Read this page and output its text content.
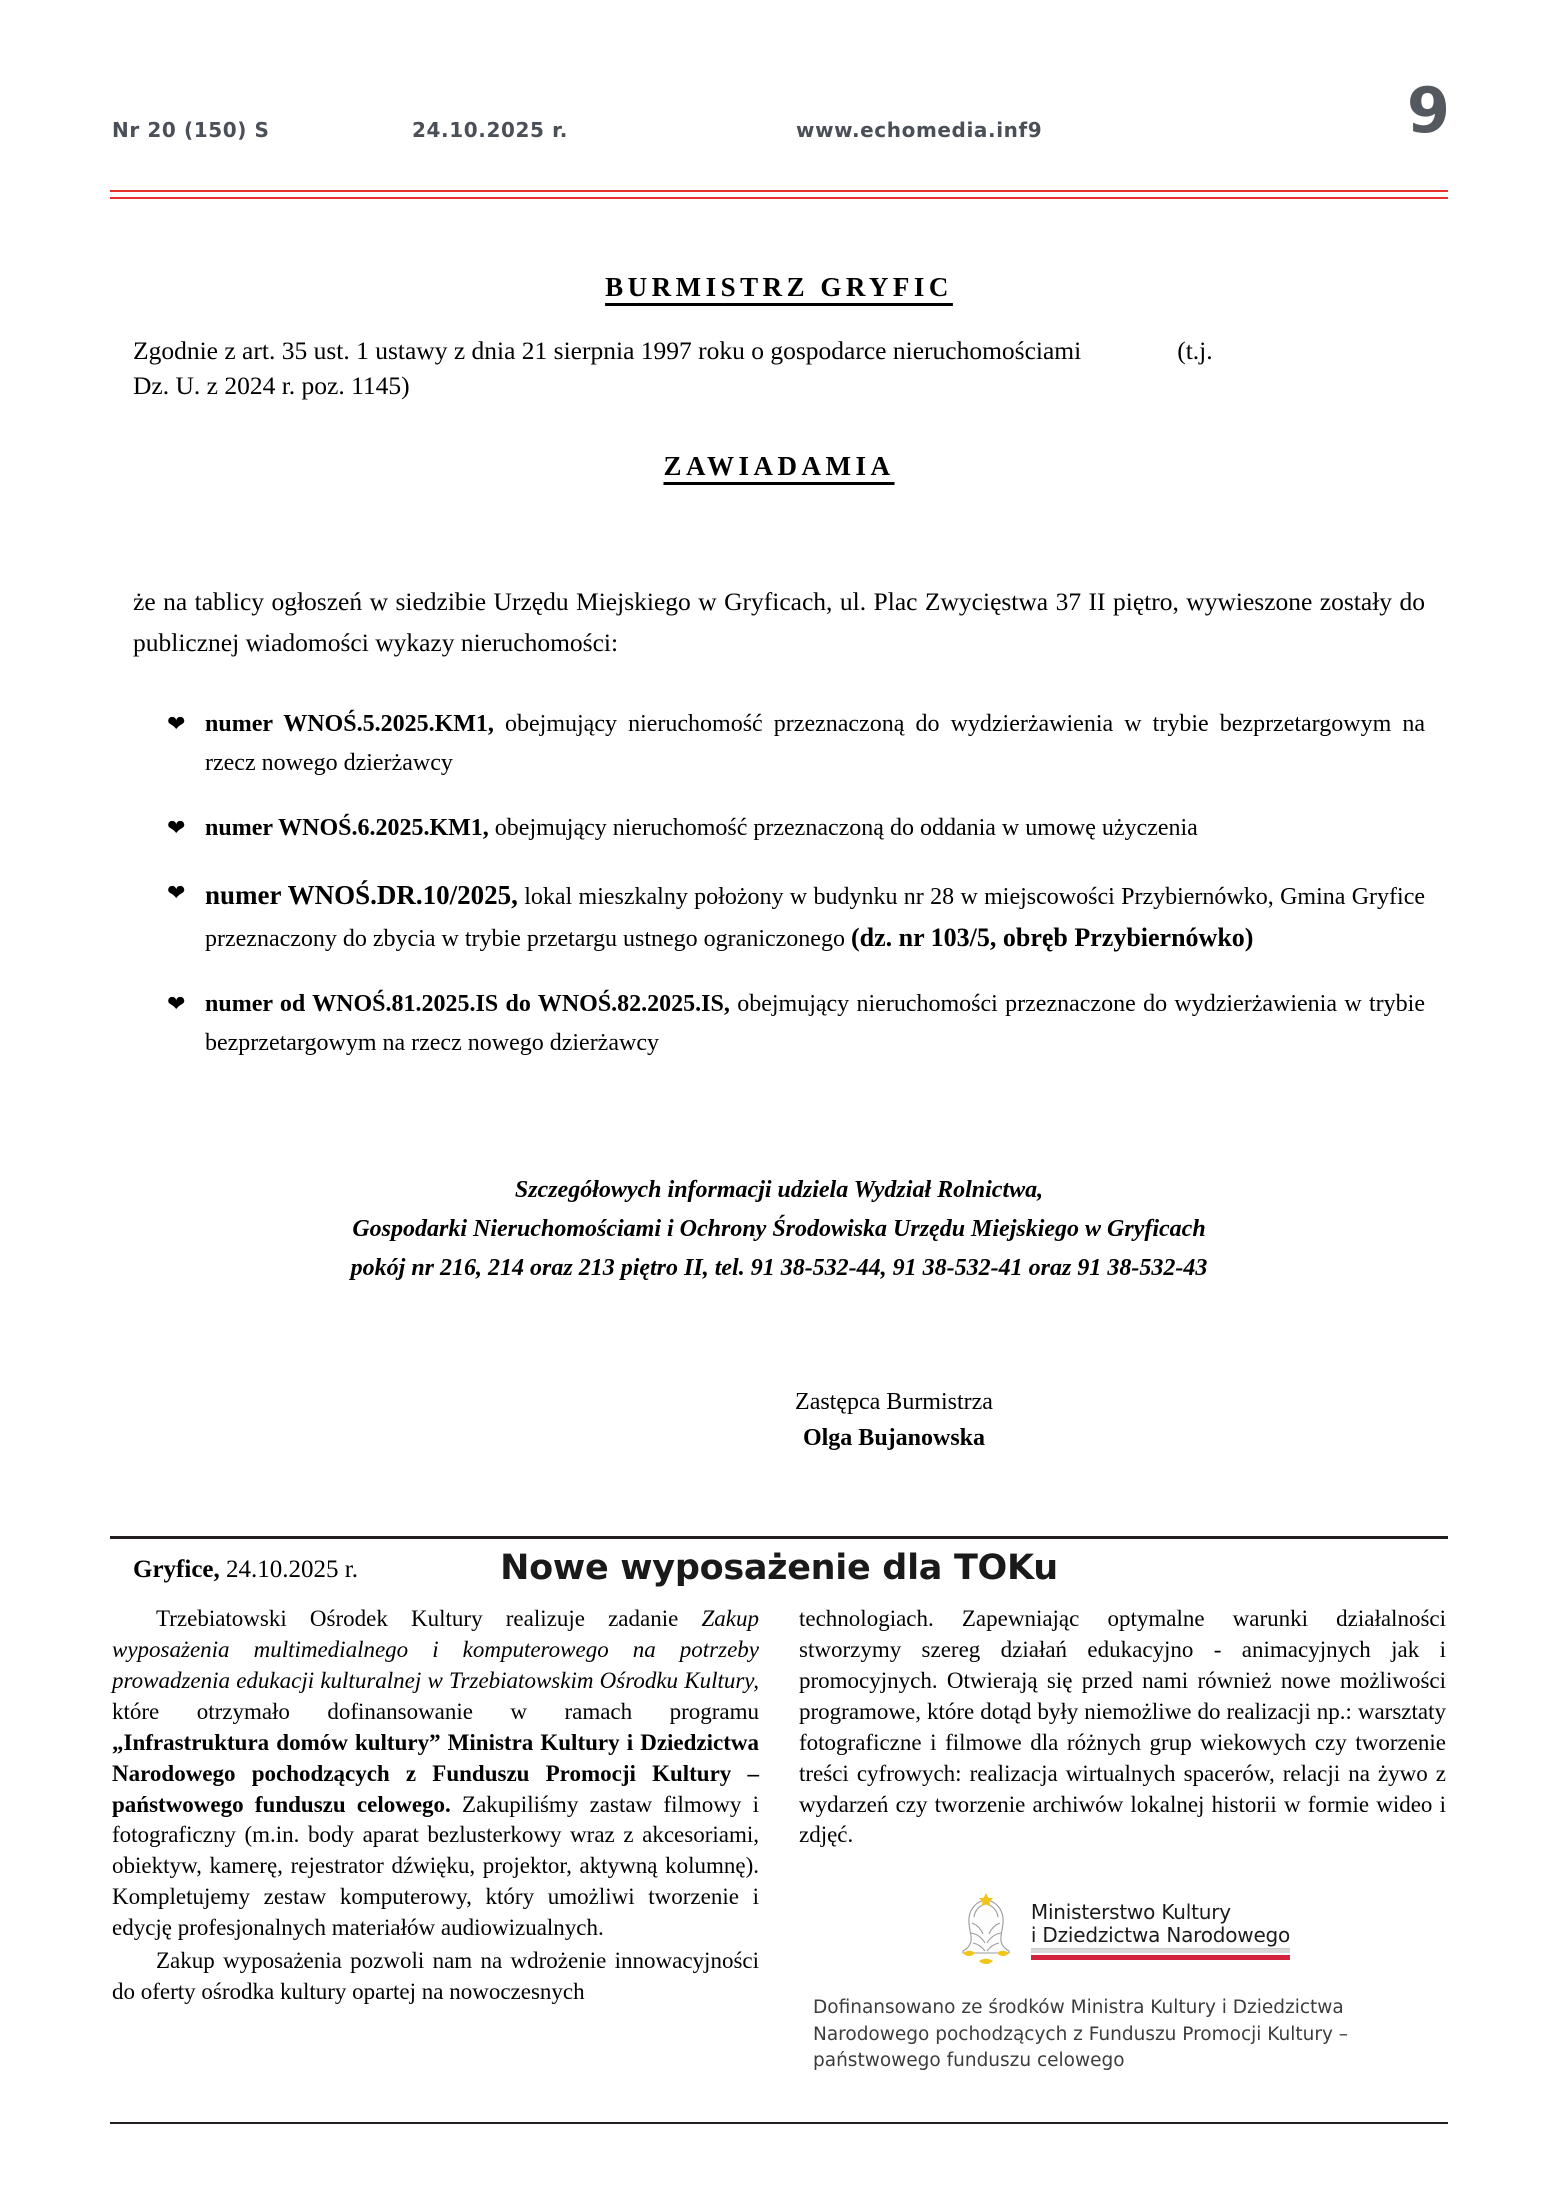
Nr 20 (150) S	24.10.2025 r.	www.echomedia.inf9	9
BURMISTRZ GRYFIC

Zgodnie z art. 35 ust. 1 ustawy z dnia 21 sierpnia 1997 roku o gospodarce nieruchomościami	(t.j.
Dz. U. z 2024 r. poz. 1145)

ZAWIADAMIA

że na tablicy ogłoszeń w siedzibie Urzędu Miejskiego w Gryficach, ul. Plac Zwycięstwa 37 II piętro, wywieszone zostały do publicznej wiadomości wykazy nieruchomości:

❤ numer WNOŚ.5.2025.KM1, obejmujący nieruchomość przeznaczoną do wydzierżawienia w trybie bezprzetargowym na rzecz nowego dzierżawcy
❤ numer WNOŚ.6.2025.KM1, obejmujący nieruchomość przeznaczoną do oddania w umowę użyczenia
❤ numer WNOŚ.DR.10/2025, lokal mieszkalny położony w budynku nr 28 w miejscowości Przybiernówko, Gmina Gryfice przeznaczony do zbycia w trybie przetargu ustnego ograniczonego (dz. nr 103/5, obręb Przybiernówko)
❤ numer od WNOŚ.81.2025.IS do WNOŚ.82.2025.IS, obejmujący nieruchomości przeznaczone do wydzierżawienia w trybie bezprzetargowym na rzecz nowego dzierżawcy
Szczegółowych informacji udziela Wydział Rolnictwa,
Gospodarki Nieruchomościami i Ochrony Środowiska Urzędu Miejskiego w Gryficach
pokój nr 216, 214 oraz 213 piętro II, tel. 91 38-532-44, 91 38-532-41 oraz 91 38-532-43
Zastępca Burmistrza
Olga Bujanowska
Gryfice, 24.10.2025 r.	Nowe wyposażenie dla TOKu

Trzebiatowski Ośrodek Kultury realizuje zadanie Zakup wyposażenia multimedialnego i komputerowego na potrzeby prowadzenia edukacji kulturalnej w Trzebiatowskim Ośrodku Kultury, które otrzymało dofinansowanie w ramach programu „Infrastruktura domów kultury” Ministra Kultury i Dziedzictwa Narodowego pochodzących z Funduszu Promocji Kultury – państwowego funduszu celowego. Zakupiliśmy zastaw filmowy i fotograficzny (m.in. body aparat bezlusterkowy wraz z akcesoriami, obiektyw, kamerę, rejestrator dźwięku, projektor, aktywną kolumnę). Kompletujemy zestaw komputerowy, który umożliwi tworzenie i edycję profesjonalnych materiałów audiowizualnych.

Zakup wyposażenia pozwoli nam na wdrożenie innowacyjności do oferty ośrodka kultury opartej na nowoczesnych

technologiach. Zapewniając optymalne warunki działalności stworzymy szereg działań edukacyjno - animacyjnych jak i promocyjnych. Otwierają się przed nami również nowe możliwości programowe, które dotąd były niemożliwe do realizacji np.: warsztaty fotograficzne i filmowe dla różnych grup wiekowych czy tworzenie treści cyfrowych: realizacja wirtualnych spacerów, relacji na żywo z wydarzeń czy tworzenie archiwów lokalnej historii w formie wideo i zdjęć.

Ministerstwo Kultury
i Dziedzictwa Narodowego
Dofinansowano ze środków Ministra Kultury i Dziedzictwa
Narodowego pochodzących z Funduszu Promocji Kultury –
państwowego funduszu celowego
